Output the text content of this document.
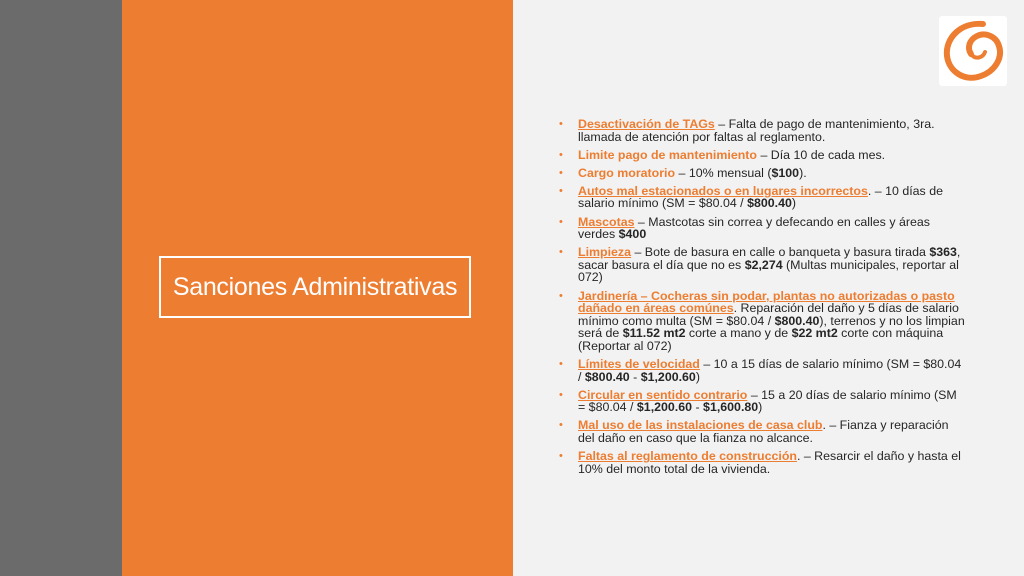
Sanciones Administrativas
• Desactivación de TAGs – Falta de pago de mantenimiento, 3ra. llamada de atención por faltas al reglamento.
• Limite pago de mantenimiento – Día 10 de cada mes.
• Cargo moratorio – 10% mensual ($100).
• Autos mal estacionados o en lugares incorrectos. – 10 días de salario mínimo (SM = $80.04 / $800.40)
• Mascotas – Mastcotas sin correa y defecando en calles y áreas verdes $400
• Limpieza – Bote de basura en calle o banqueta y basura tirada $363, sacar basura el día que no es $2,274 (Multas municipales, reportar al 072)
• Jardinería – Cocheras sin podar, plantas no autorizadas o pasto dañado en áreas comúnes. Reparación del daño y 5 días de salario mínimo como multa (SM = $80.04 / $800.40), terrenos y no los limpian será de $11.52 mt2 corte a mano y de $22 mt2 corte con máquina (Reportar al 072)
• Límites de velocidad – 10 a 15 días de salario mínimo (SM = $80.04 / $800.40 - $1,200.60)
• Circular en sentido contrario – 15 a 20 días de salario mínimo (SM = $80.04 / $1,200.60 - $1,600.80)
• Mal uso de las instalaciones de casa club. – Fianza y reparación del daño en caso que la fianza no alcance.
• Faltas al reglamento de construcción. – Resarcir el daño y hasta el 10% del monto total de la vivienda.
